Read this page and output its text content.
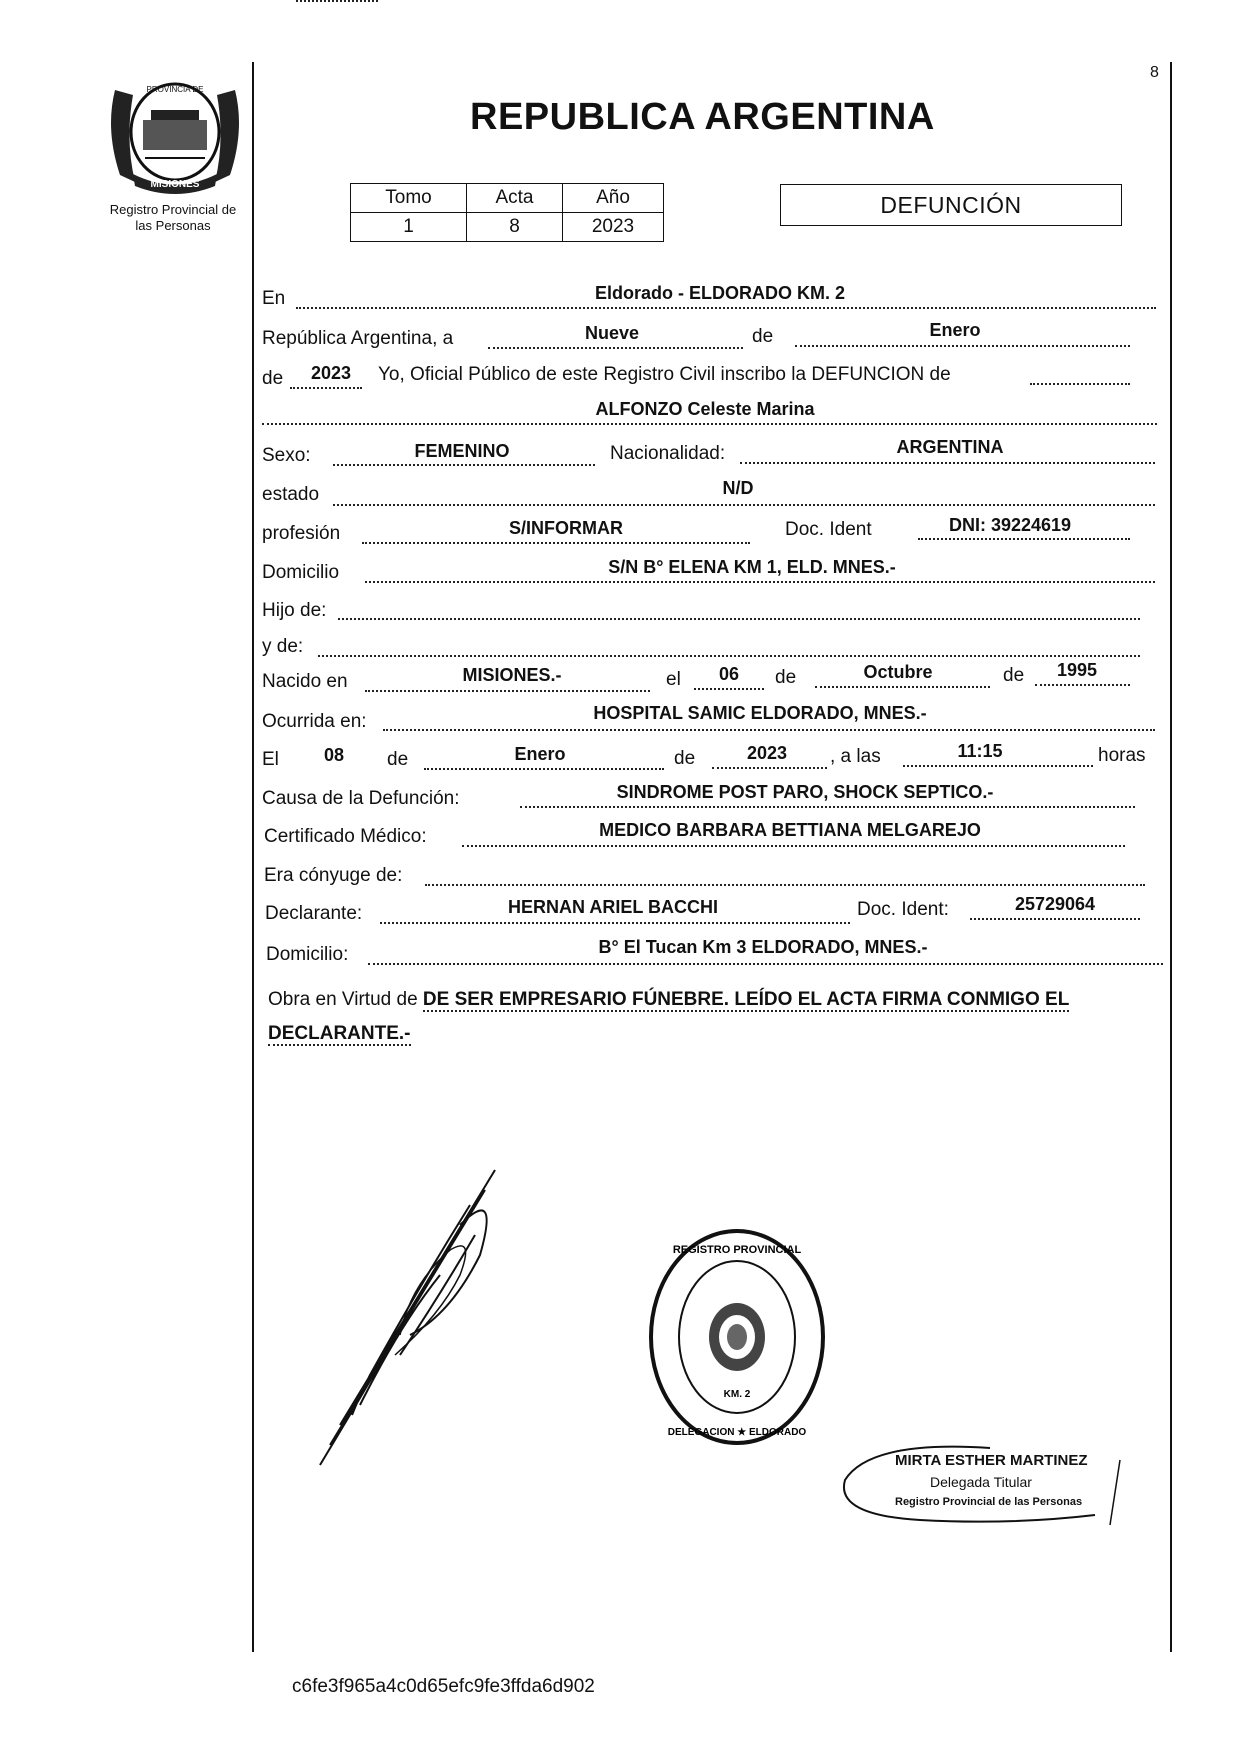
8
MISIONES
PROVINCIA DE
Registro Provincial de
las Personas
REPUBLICA ARGENTINA
Tomo	Acta	Año
1	8	2023
DEFUNCIÓN
En	Eldorado - ELDORADO KM. 2
República Argentina, a	Nueve	de	Enero
de 2023 Yo, Oficial Público de este Registro Civil inscribo la DEFUNCION de
ALFONZO Celeste Marina
Sexo:	FEMENINO	Nacionalidad:	ARGENTINA
estado	N/D
profesión	S/INFORMAR	Doc. Ident	DNI: 39224619
Domicilio	S/N B° ELENA KM 1, ELD. MNES.-
Hijo de:
y de:
Nacido en	MISIONES.-	el 06 de	Octubre	de 1995
Ocurrida en:	HOSPITAL SAMIC ELDORADO, MNES.-
El	08 de	Enero	de	2023 , a las	11:15	horas
Causa de la Defunción:	SINDROME POST PARO, SHOCK SEPTICO.-
Certificado Médico:	MEDICO BARBARA BETTIANA MELGAREJO
Era cónyuge de:
Declarante:	HERNAN ARIEL BACCHI	Doc. Ident:	25729064
Domicilio:	B° El Tucan Km 3 ELDORADO, MNES.-
Obra en Virtud de DE SER EMPRESARIO FÚNEBRE. LEÍDO EL ACTA FIRMA CONMIGO EL DECLARANTE.-
REGISTRO PROVINCIAL
DELEGACION ★ ELDORADO
KM. 2
MIRTA ESTHER MARTINEZ
Delegada Titular
Registro Provincial de las Personas
c6fe3f965a4c0d65efc9fe3ffda6d902
